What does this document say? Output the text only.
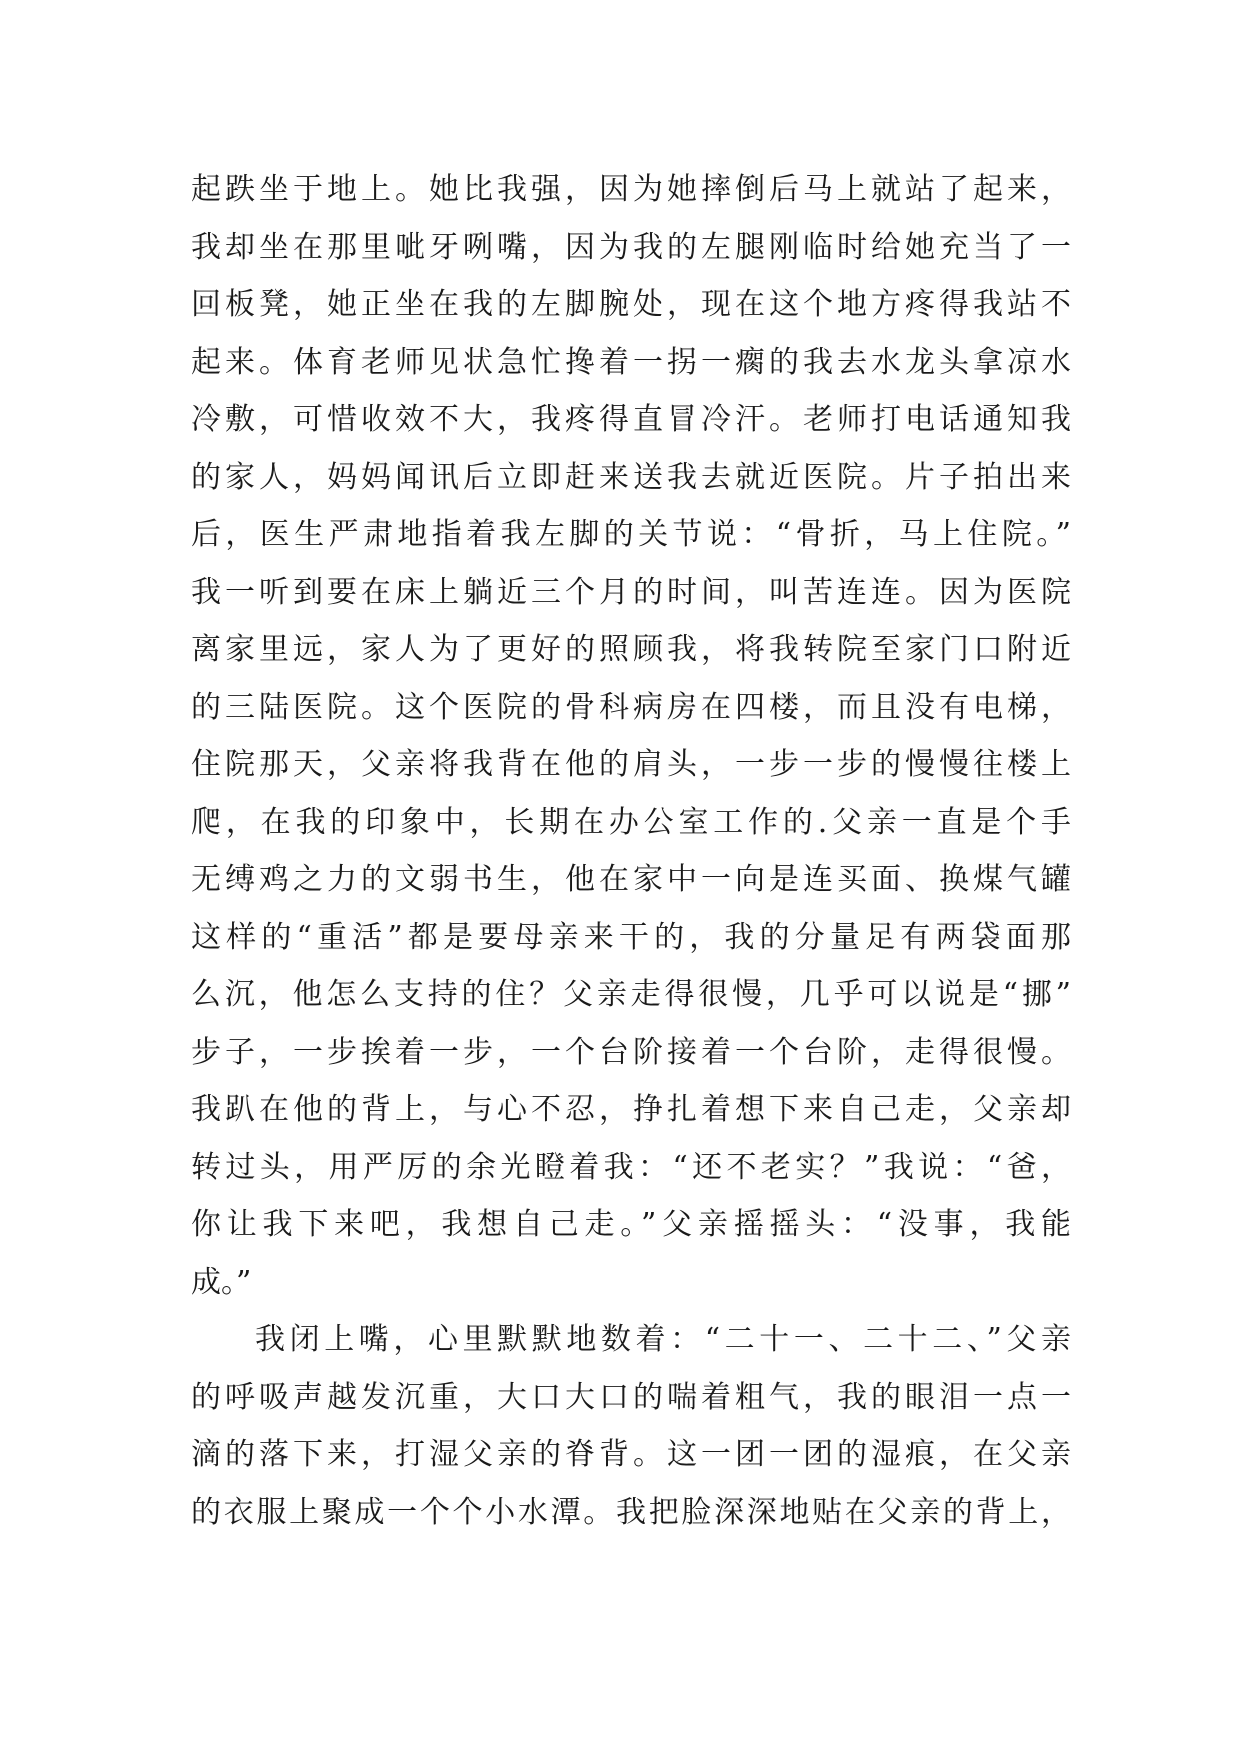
起跌坐于地上。她比我强，因为她摔倒后马上就站了起来，
我却坐在那里呲牙咧嘴，因为我的左腿刚临时给她充当了一
回板凳，她正坐在我的左脚腕处，现在这个地方疼得我站不
起来。体育老师见状急忙搀着一拐一瘸的我去水龙头拿凉水
冷敷，可惜收效不大，我疼得直冒冷汗。老师打电话通知我
的家人，妈妈闻讯后立即赶来送我去就近医院。片子拍出来
后，医生严肃地指着我左脚的关节说：“骨折，马上住院。”
我一听到要在床上躺近三个月的时间，叫苦连连。因为医院
离家里远，家人为了更好的照顾我，将我转院至家门口附近
的三陆医院。这个医院的骨科病房在四楼，而且没有电梯，
住院那天，父亲将我背在他的肩头，一步一步的慢慢往楼上
爬，在我的印象中，长期在办公室工作的.父亲一直是个手
无缚鸡之力的文弱书生，他在家中一向是连买面、换煤气罐
这样的“重活”都是要母亲来干的，我的分量足有两袋面那
么沉，他怎么支持的住？父亲走得很慢，几乎可以说是“挪”
步子，一步挨着一步，一个台阶接着一个台阶，走得很慢。
我趴在他的背上，与心不忍，挣扎着想下来自己走，父亲却
转过头，用严厉的余光瞪着我：“还不老实？”我说：“爸，
你让我下来吧，我想自己走。”父亲摇摇头：“没事，我能
成。”
我闭上嘴，心里默默地数着：“二十一、二十二、”父亲
的呼吸声越发沉重，大口大口的喘着粗气，我的眼泪一点一
滴的落下来，打湿父亲的脊背。这一团一团的湿痕，在父亲
的衣服上聚成一个个小水潭。我把脸深深地贴在父亲的背上，
